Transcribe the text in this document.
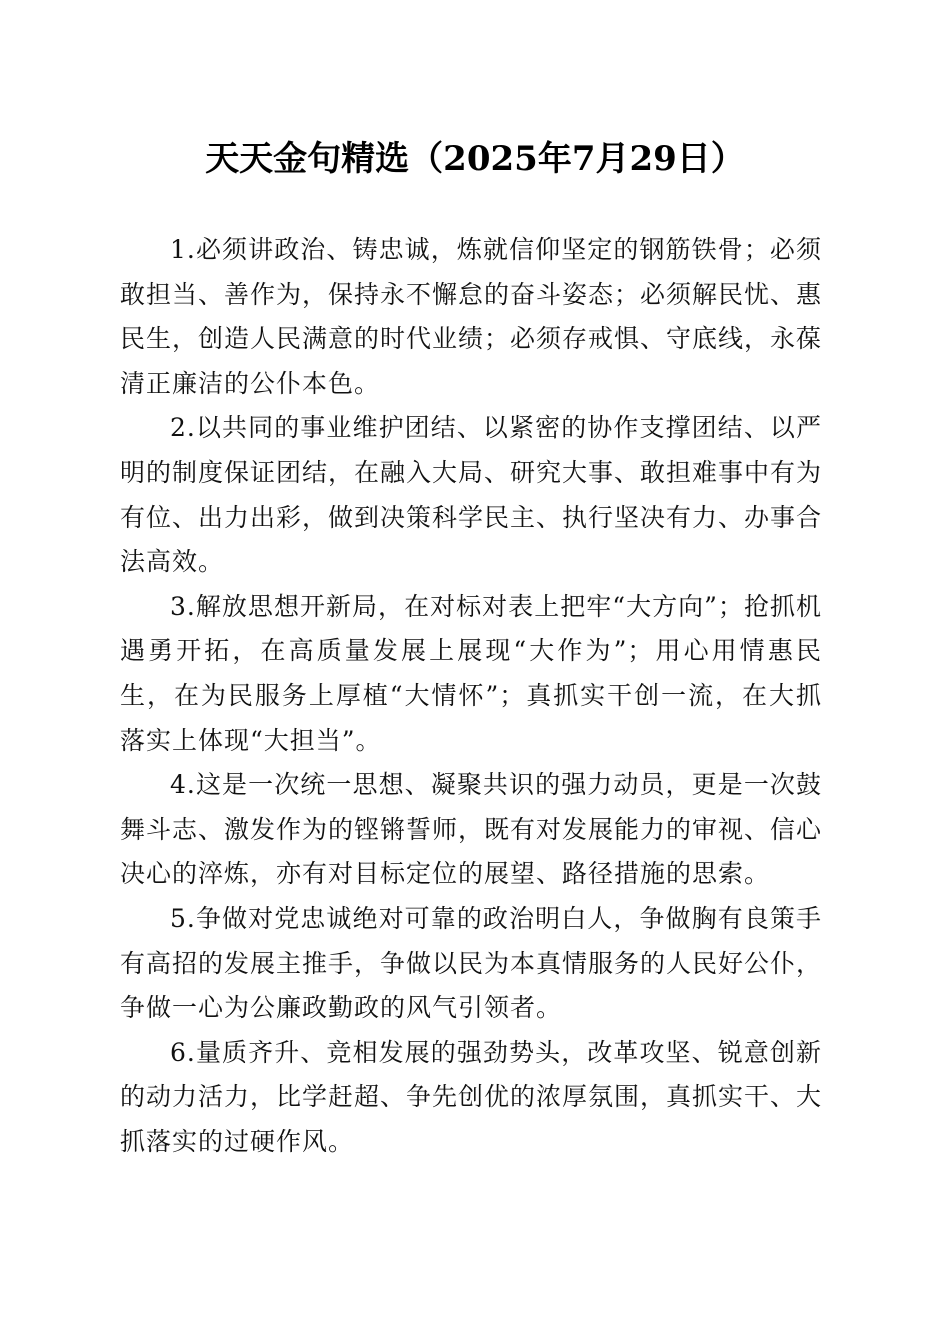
天天金句精选（2025年7月29日）

1.必须讲政治、铸忠诚，炼就信仰坚定的钢筋铁骨；必须敢担当、善作为，保持永不懈怠的奋斗姿态；必须解民忧、惠民生，创造人民满意的时代业绩；必须存戒惧、守底线，永葆清正廉洁的公仆本色。

2.以共同的事业维护团结、以紧密的协作支撑团结、以严明的制度保证团结，在融入大局、研究大事、敢担难事中有为有位、出力出彩，做到决策科学民主、执行坚决有力、办事合法高效。

3.解放思想开新局，在对标对表上把牢“大方向”；抢抓机遇勇开拓，在高质量发展上展现“大作为”；用心用情惠民生，在为民服务上厚植“大情怀”；真抓实干创一流，在大抓落实上体现“大担当”。

4.这是一次统一思想、凝聚共识的强力动员，更是一次鼓舞斗志、激发作为的铿锵誓师，既有对发展能力的审视、信心决心的淬炼，亦有对目标定位的展望、路径措施的思索。

5.争做对党忠诚绝对可靠的政治明白人，争做胸有良策手有高招的发展主推手，争做以民为本真情服务的人民好公仆，争做一心为公廉政勤政的风气引领者。

6.量质齐升、竞相发展的强劲势头，改革攻坚、锐意创新的动力活力，比学赶超、争先创优的浓厚氛围，真抓实干、大抓落实的过硬作风。
